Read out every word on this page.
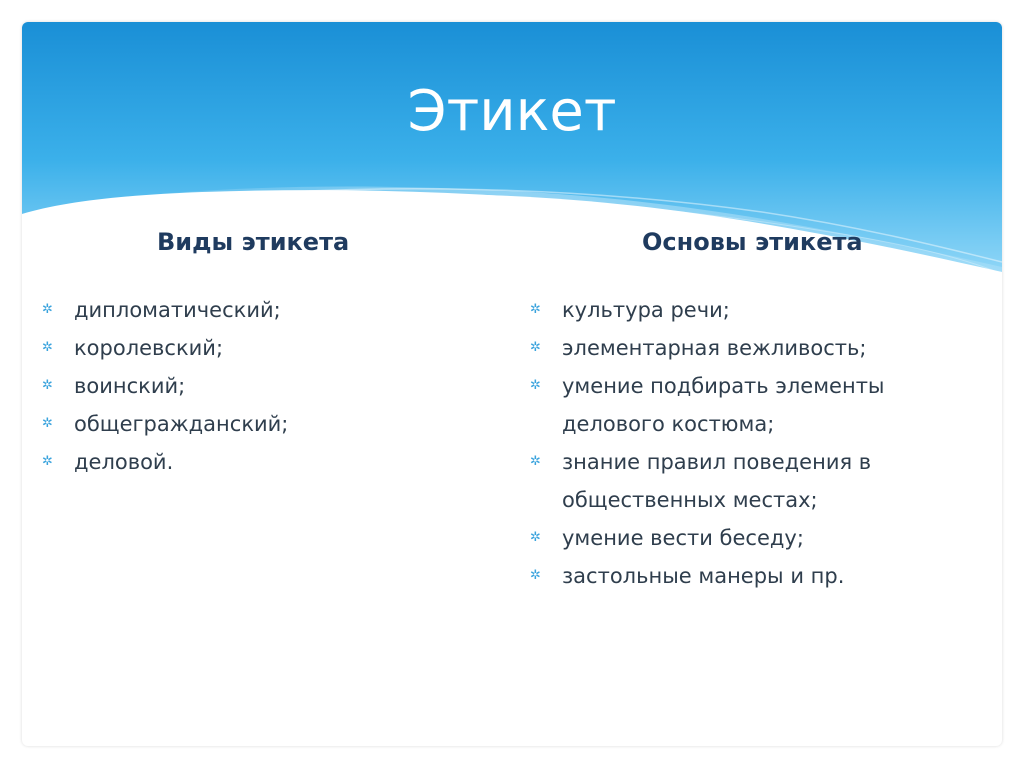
Этикет
Виды этикета	Основы этикета
✲ дипломатический;
✲ королевский;
✲ воинский;
✲ общегражданский;
✲ деловой.
✲ культура речи;
✲ элементарная вежливость;
✲ умение подбирать элементы делового костюма;
✲ знание правил поведения в общественных местах;
✲ умение вести беседу;
✲ застольные манеры и пр.
